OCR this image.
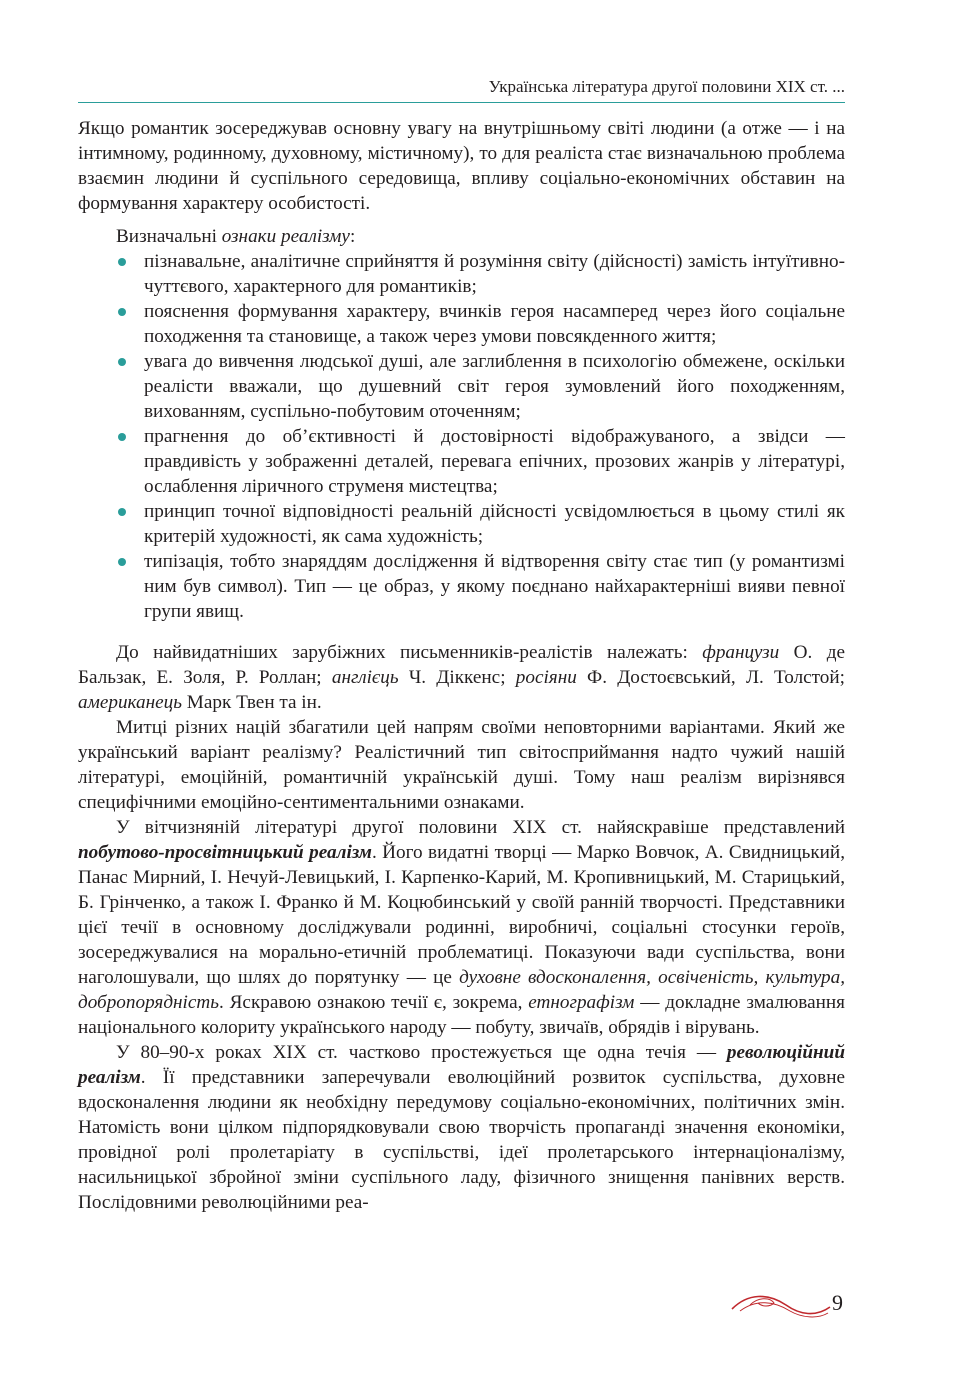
Українська література другої половини XIX ст. ...

Якщо романтик зосереджував основну увагу на внутрішньому світі людини (а отже — і на інтимному, родинному, духовному, містичному), то для реаліста стає визначальною проблема взаємин людини й суспільного середовища, впливу соціально-економічних обставин на формування характеру особистості.

Визначальні ознаки реалізму:

пізнавальне, аналітичне сприйняття й розуміння світу (дійсності) замість інтуїтивно-чуттєвого, характерного для романтиків;
пояснення формування характеру, вчинків героя насамперед через його соціальне походження та становище, а також через умови повсякденного життя;
увага до вивчення людської душі, але заглиблення в психологію обмежене, оскільки реалісти вважали, що душевний світ героя зумовлений його походженням, вихованням, суспільно-побутовим оточенням;
прагнення до об’єктивності й достовірності відображуваного, а звідси — правдивість у зображенні деталей, перевага епічних, прозових жанрів у літературі, ослаблення ліричного струменя мистецтва;
принцип точної відповідності реальній дійсності усвідомлюється в цьому стилі як критерій художності, як сама художність;
типізація, тобто знаряддям дослідження й відтворення світу стає тип (у романтизмі ним був символ). Тип — це образ, у якому поєднано найхарактерніші вияви певної групи явищ.

До найвидатніших зарубіжних письменників-реалістів належать: французи О. де Бальзак, Е. Золя, Р. Роллан; англієць Ч. Діккенс; росіяни Ф. Достоєвський, Л. Толстой; американець Марк Твен та ін.

Митці різних націй збагатили цей напрям своїми неповторними варіантами. Який же український варіант реалізму? Реалістичний тип світосприймання надто чужий нашій літературі, емоційній, романтичній українській душі. Тому наш реалізм вирізнявся специфічними емоційно-сентиментальними ознаками.

У вітчизняній літературі другої половини XIX ст. найяскравіше представлений побутово-просвітницький реалізм. Його видатні творці — Марко Вовчок, А. Свидницький, Панас Мирний, І. Нечуй-Левицький, І. Карпенко-Карий, М. Кропивницький, М. Старицький, Б. Грінченко, а також І. Франко й М. Коцюбинський у своїй ранній творчості. Представники цієї течії в основному досліджували родинні, виробничі, соціальні стосунки героїв, зосереджувалися на морально-етичній проблематиці. Показуючи вади суспільства, вони наголошували, що шлях до порятунку — це духовне вдосконалення, освіченість, культура, добропорядність. Яскравою ознакою течії є, зокрема, етнографізм — докладне змалювання національного колориту українського народу — побуту, звичаїв, обрядів і вірувань.

У 80–90-х роках XIX ст. частково простежується ще одна течія — революційний реалізм. Її представники заперечували еволюційний розвиток суспільства, духовне вдосконалення людини як необхідну передумову соціально-економічних, політичних змін. Натомість вони цілком підпорядковували свою творчість пропаганді значення економіки, провідної ролі пролетаріату в суспільстві, ідеї пролетарського інтернаціоналізму, насильницької збройної зміни суспільного ладу, фізичного знищення панівних верств. Послідовними революційними реа-

9
